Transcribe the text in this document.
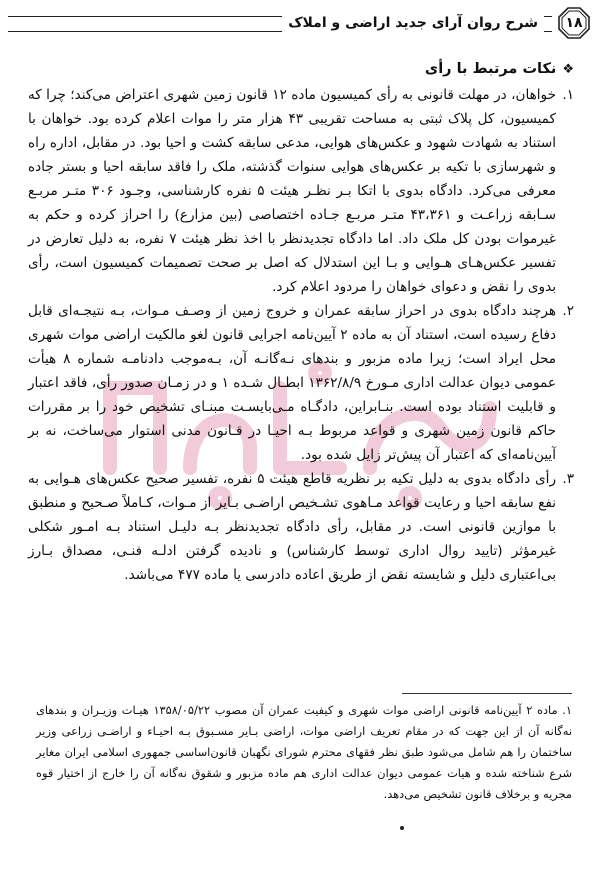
شرح روان آرای جدید اراضی و املاک	۱۸
❖نکات مرتبط با رأی

۱.
خواهان، در مهلت قانونی به رأی کمیسیون ماده ۱۲ قانون زمین شهری اعتراض می‌کند؛ چرا که کمیسیون، کل پلاک ثبتی به مساحت تقریبی ۴۳ هزار متر را موات اعلام کرده بود. خواهان با استناد به شهادت شهود و عکس‌های هوایی، مدعی سابقه کشت و احیا بود. در مقابل، اداره راه و شهرسازی با تکیه بر عکس‌های هوایی سنوات گذشته، ملک را فاقد سابقه احیا و بستر جاده معرفی می‌کرد. دادگاه بدوی با اتکا بـر نظـر هیئت ۵ نفره کارشناسی، وجـود ۳۰۶ متـر مربـع سـابقه زراعـت و ۴۳،۳۶۱ متـر مربـع جـاده اختصاصی (بین مزارع) را احراز کرده و حکم به غیرموات بودن کل ملک داد. اما دادگاه تجدیدنظر با اخذ نظر هیئت ۷ نفره، به دلیل تعارض در تفسیر عکس‌هـای هـوایی و بـا این استدلال که اصل بر صحت تصمیمات کمیسیون است، رأی بدوی را نقض و دعوای خواهان را مردود اعلام کرد.

۲.
هرچند دادگاه بدوی در احراز سابقه عمران و خروج زمین از وصـف مـوات، بـه نتیجـه‌ای قابل دفاع رسیده است، استناد آن به ماده ۲ آیین‌نامه اجرایی قانون لغو مالکیت اراضی موات شهری محل ایراد است؛ زیرا ماده مزبور و بندهای نـه‌گانـه آن، بـه‌موجب دادنامـه شماره ۸ هیأت عمومی دیوان عدالت اداری مـورخ ۱۳۶۲/۸/۹ ابطـال شـده ۱ و در زمـان صدور رأی، فاقد اعتبار و قابلیت استناد بوده است. بنـابراین، دادگـاه مـی‌بایسـت مبنـای تشخیص خود را بر مقررات حاکم قانون زمین شهری و قواعد مربوط بـه احیـا در قـانون مدنی استوار می‌ساخت، نه بر آیین‌نامه‌ای که اعتبار آن پیش‌تر زایل شده بود.

۳.
رأی دادگاه بدوی به دلیل تکیه بر نظریه قاطع هیئت ۵ نفره، تفسیر صحیح عکس‌های هـوایی به نفع سابقه احیا و رعایت قواعد مـاهوی تشـخیص اراضـی بـایر از مـوات، کـاملاً صـحیح و منطبق با موازین قانونی است. در مقابل، رأی دادگاه تجدیدنظر بـه دلیـل استناد بـه امـور شکلی غیرمؤثر (تایید روال اداری توسط کارشناس) و نادیده گرفتن ادلـه فنـی، مصداق بـارز بی‌اعتباری دلیل و شایسته نقض از طریق اعاده دادرسی یا ماده ۴۷۷ می‌باشد.

۱. ماده ۲ آیین‌نامه قانونی اراضی موات شهری و کیفیت عمران آن مصوب ۱۳۵۸/۰۵/۲۲ هیـات وزیـران و بندهای نه‌گانه آن از این جهت که در مقام تعریف اراضی موات، اراضی بـایر مسـبوق بـه احیـاء و اراضـی زراعی وزیر ساختمان را هم شامل می‌شود طبق نظر فقهای محترم شورای نگهبان قانون‌اساسی جمهوری اسلامی ایران مغایر شرع شناخته شده و هیات عمومی دیوان عدالت اداری هم ماده مزبور و شقوق نه‌گانه آن را خارج از اختیار قوه مجریه و برخلاف قانون تشخیص می‌دهد.
